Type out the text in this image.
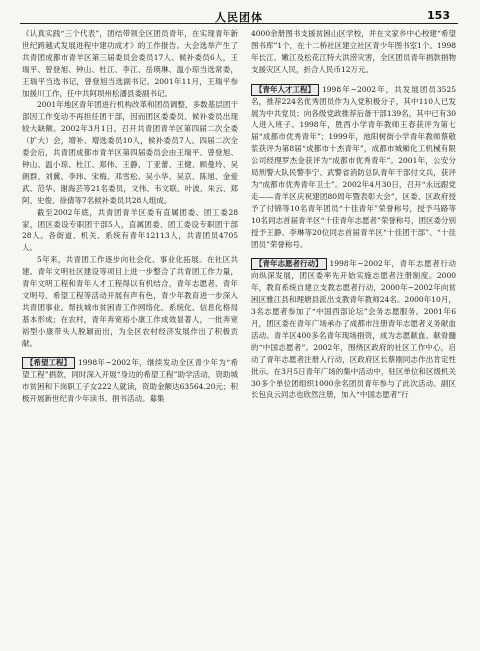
人民团体	153

《认真实践“三个代表”，团结带领全区团员青年，在实现青年新世纪跨越式发展进程中建功成才》的工作报告。大会选举产生了共青团成都市青羊区第三届委员会委员17人、候补委员6人，王瑞平、曾登旭、钟山、杜江、李江、岳瑛琳、温小琼当选常委，王瑞平当选书记，曾登旭当选副书记。2001年11月，王瑞平参加援川工作，任中共阿坝州松潘县委副书记。

2001年地区青年团进行机构改革和团员调整，多数基层团干部因工作变动不再担任团干部，因而团区委委员、候补委员出现较大缺额。2002年3月1日，召开共青团青羊区第四届二次全委（扩大）会，增补、增选委员10人，候补委员7人。四届二次全委会后，共青团成都市青羊区第四届委员会由王瑞平、曾登旭、钟山、温小琼、杜江、郑伟、王静、丁亚蕾、王健、顾曼玲、吴朗群、刘冀、李玮、宋梅、邓雪松、吴小华、吴京、陈旭、金爱武、范华、谢海芸等21名委员，文伟、韦文联、叶波、朱云、郑阿、史俊、徐倩等7名候补委员共28人组成。

截至2002年底，共青团青羊区委有直属团委、团工委28家，团区委设专职团干部5人，直属团委、团工委设专职团干部28人。各街道、机关、系统有青年12113人，共青团员4705人。

5年来，共青团工作逐步向社会化、事业化拓展。在社区共建、青年文明社区建设等项目上进一步整合了共青团工作力量，青年文明工程和青年人才工程得以有机结合，青年志愿者、青年文明号、希望工程等活动开展有声有色，青少年教育进一步深入共青团事业。帮扶城市贫困青工作网络化、系统化、信息化格局基本形成；在农村，青年奔宽裕小康工作成效显著人，一批奔宽裕型小康带头人脱颖而出，为全区农村经济发展作出了积极贡献。

【希望工程】 1998年~2002年，继续发动全区青少年为“希望工程”捐款，同时深入开展“身边的希望工程”助学活动，资助城市贫困和下岗职工子女222人就读，资助金额达63564.20元；积极开展新世纪青少年读书、捐书活动。募集

4000余册图书支援贫困山区学校，并在文家乡中心校建“希望图书库”1个，在十二桥社区建立社区青少年图书室1个。1998年长江、嫩江及松花江特大洪涝灾害，全区团员青年捐款捐物支援灾区人民，折合人民币12万元。

【青年人才工程】 1998年~2002年，共发展团员3525名，推荐224名优秀团员作为入党积极分子，其中110人已发展为中共党员；向各级党政推荐后备干部139名，其中已有30人进入班子。1998年，胜西小学青年教师王春获评为第七届“成都市优秀青年”；1999年，池阳树街小学青年教师蔡敬浆获评为第8届“成都市十杰青年”，成都市城厢化工机械有限公司经理罗杰金获评为“成都市优秀青年”。2001年，公安分局刑警大队民警李宁、武警省消防总队青年干部付文兵，获评为“成都市优秀青年卫士”。2002年4月30日，召开“永远跟党走——青羊区庆祝建团80周年暨表彰大会”，区委、区政府授予了付锦等10名青年团员“十佳青年”荣誉称号，授予马路等10名同志首届青羊区“十佳青年志愿者”荣誉称号，团区委分别授予王静、李琳等20位同志首届青羊区“十佳团干部”、“十佳团员”荣誉称号。

【青年志愿者行动】 1998年~2002年，青年志愿者行动向纵深发展，团区委率先开始实施志愿者注册制度。2000年，教育系统自建立支教志愿者行动，2000年~2002年向贫困区雅江县和理塘县派出支教青年教师24名。2000年10月，3名志愿者参加了“中国西部论坛”会务志愿服务。2001年6月，团区委在青年广场承办了成都市注册青年志愿者义务献血活动。青羊区400多名青年现场捐资，成为志愿献血、献骨髓的“中国志愿者”。2002年，围绕区政府的社区工作中心，启动了青年志愿者注册入行动，区政府区长蔡刚同志作出肯定性批示。在3月5日青年广场的集中活动中，驻区单位和区级机关30多个单位团组织1000余名团员青年参与了此次活动。副区长包良云同志也欣然注册，加入“中国志愿者”行
